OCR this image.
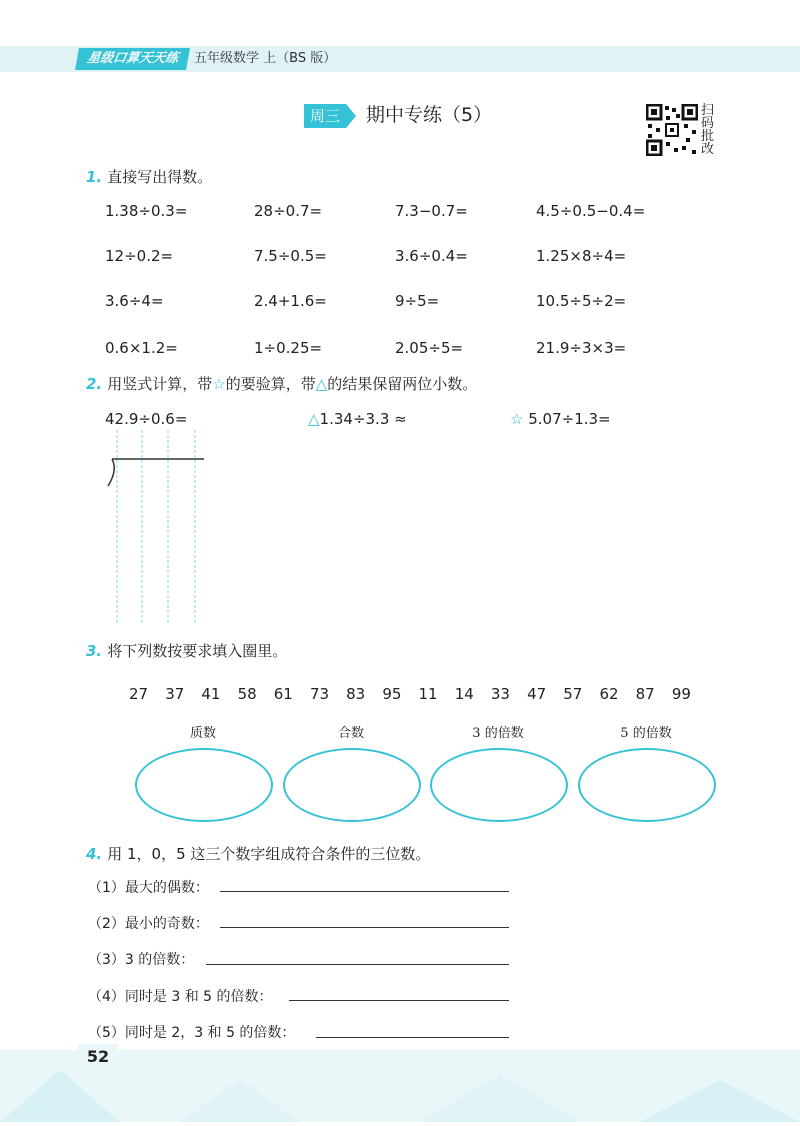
星级口算天天练	五年级数学 上（BS 版）
周三	期中专练（5）	扫码批改
1. 直接写出得数。
1.38÷0.3=	28÷0.7=	7.3−0.7=	4.5÷0.5−0.4=
12÷0.2=	7.5÷0.5=	3.6÷0.4=	1.25×8÷4=
3.6÷4=	2.4+1.6=	9÷5=	10.5÷5÷2=
0.6×1.2=	1÷0.25=	2.05÷5=	21.9÷3×3=
2. 用竖式计算，带☆的要验算，带△的结果保留两位小数。
42.9÷0.6=	△1.34÷3.3 ≈	☆ 5.07÷1.3=
3. 将下列数按要求填入圈里。
27 37 41 58 61 73 83 95 11 14 33 47 57 62 87 99
质数	合数	3 的倍数	5 的倍数
4. 用 1，0，5 这三个数字组成符合条件的三位数。
（1）最大的偶数：
（2）最小的奇数：
（3）3 的倍数：
（4）同时是 3 和 5 的倍数：
（5）同时是 2，3 和 5 的倍数：
52
